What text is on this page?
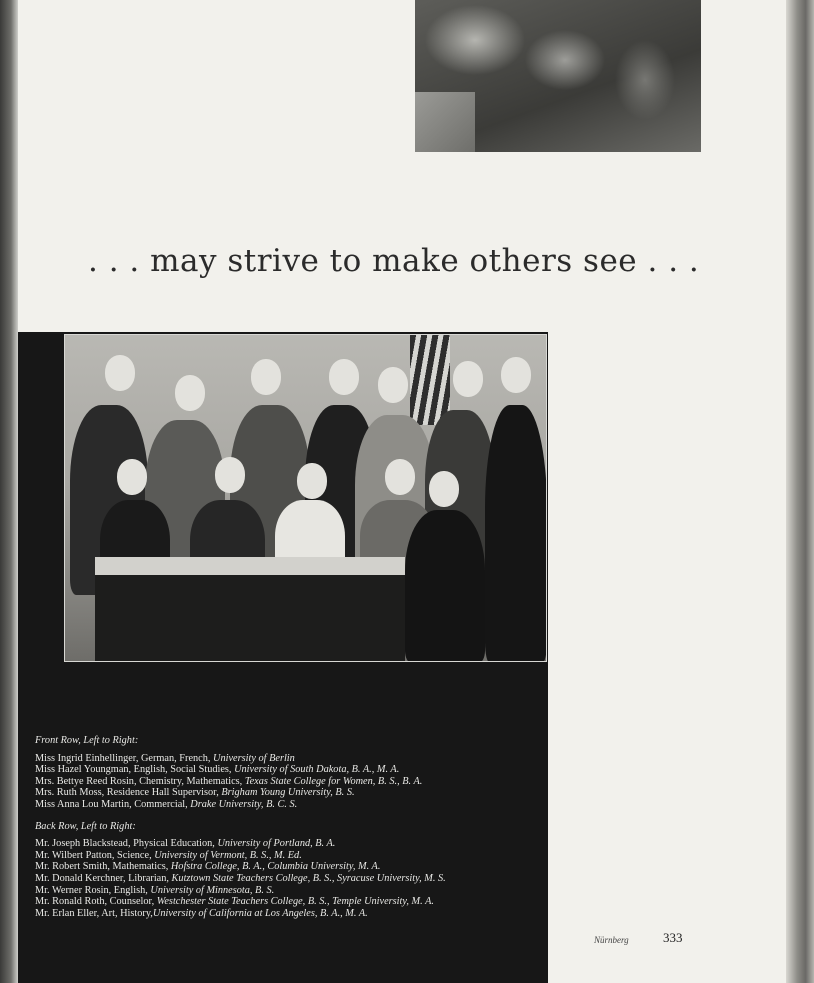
. . . may strive to make others see . . .
Front Row, Left to Right:
Miss Ingrid Einhellinger, German, French, University of Berlin
Miss Hazel Youngman, English, Social Studies, University of South Dakota, B. A., M. A.
Mrs. Bettye Reed Rosin, Chemistry, Mathematics, Texas State College for Women, B. S., B. A.
Mrs. Ruth Moss, Residence Hall Supervisor, Brigham Young University, B. S.
Miss Anna Lou Martin, Commercial, Drake University, B. C. S.
Back Row, Left to Right:
Mr. Joseph Blackstead, Physical Education, University of Portland, B. A.
Mr. Wilbert Patton, Science, University of Vermont, B. S., M. Ed.
Mr. Robert Smith, Mathematics, Hofstra College, B. A., Columbia University, M. A.
Mr. Donald Kerchner, Librarian, Kutztown State Teachers College, B. S., Syracuse University, M. S.
Mr. Werner Rosin, English, University of Minnesota, B. S.
Mr. Ronald Roth, Counselor, Westchester State Teachers College, B. S., Temple University, M. A.
Mr. Erlan Eller, Art, History,University of California at Los Angeles, B. A., M. A.
Nürnberg	333
